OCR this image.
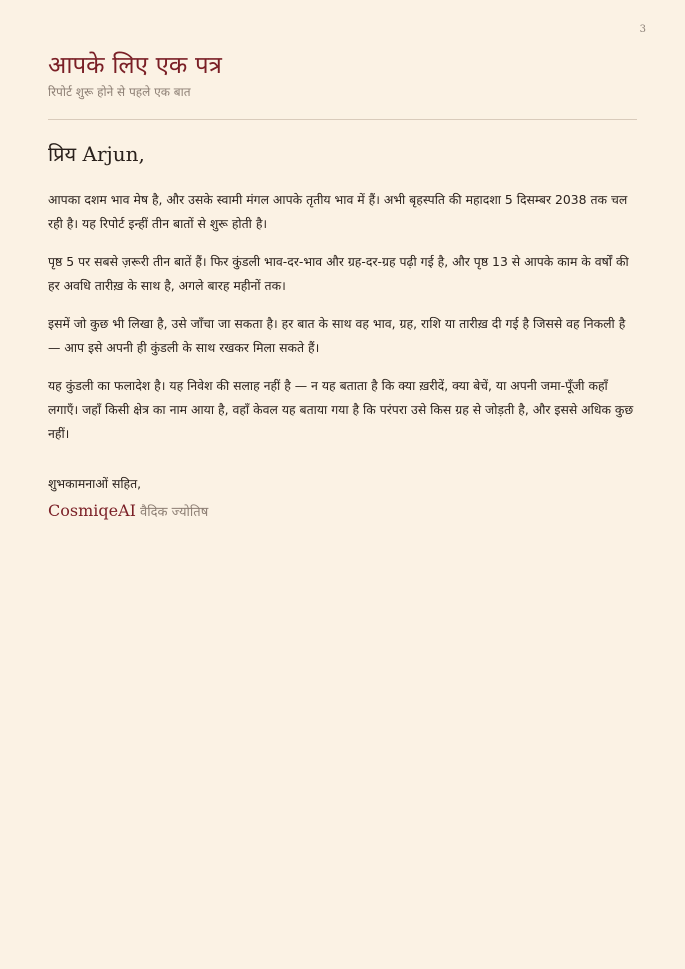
3
आपके लिए एक पत्र
रिपोर्ट शुरू होने से पहले एक बात
प्रिय Arjun,

आपका दशम भाव मेष है, और उसके स्वामी मंगल आपके तृतीय भाव में हैं। अभी बृहस्पति की महादशा 5 दिसम्बर 2038 तक चल रही है। यह रिपोर्ट इन्हीं तीन बातों से शुरू होती है।

पृष्ठ 5 पर सबसे ज़रूरी तीन बातें हैं। फिर कुंडली भाव-दर-भाव और ग्रह-दर-ग्रह पढ़ी गई है, और पृष्ठ 13 से आपके काम के वर्षों की हर अवधि तारीख़ के साथ है, अगले बारह महीनों तक।

इसमें जो कुछ भी लिखा है, उसे जाँचा जा सकता है। हर बात के साथ वह भाव, ग्रह, राशि या तारीख़ दी गई है जिससे वह निकली है — आप इसे अपनी ही कुंडली के साथ रखकर मिला सकते हैं।

यह कुंडली का फलादेश है। यह निवेश की सलाह नहीं है — न यह बताता है कि क्या ख़रीदें, क्या बेचें, या अपनी जमा-पूँजी कहाँ लगाएँ। जहाँ किसी क्षेत्र का नाम आया है, वहाँ केवल यह बताया गया है कि परंपरा उसे किस ग्रह से जोड़ती है, और इससे अधिक कुछ नहीं।

शुभकामनाओं सहित,
CosmiqeAI वैदिक ज्योतिष
